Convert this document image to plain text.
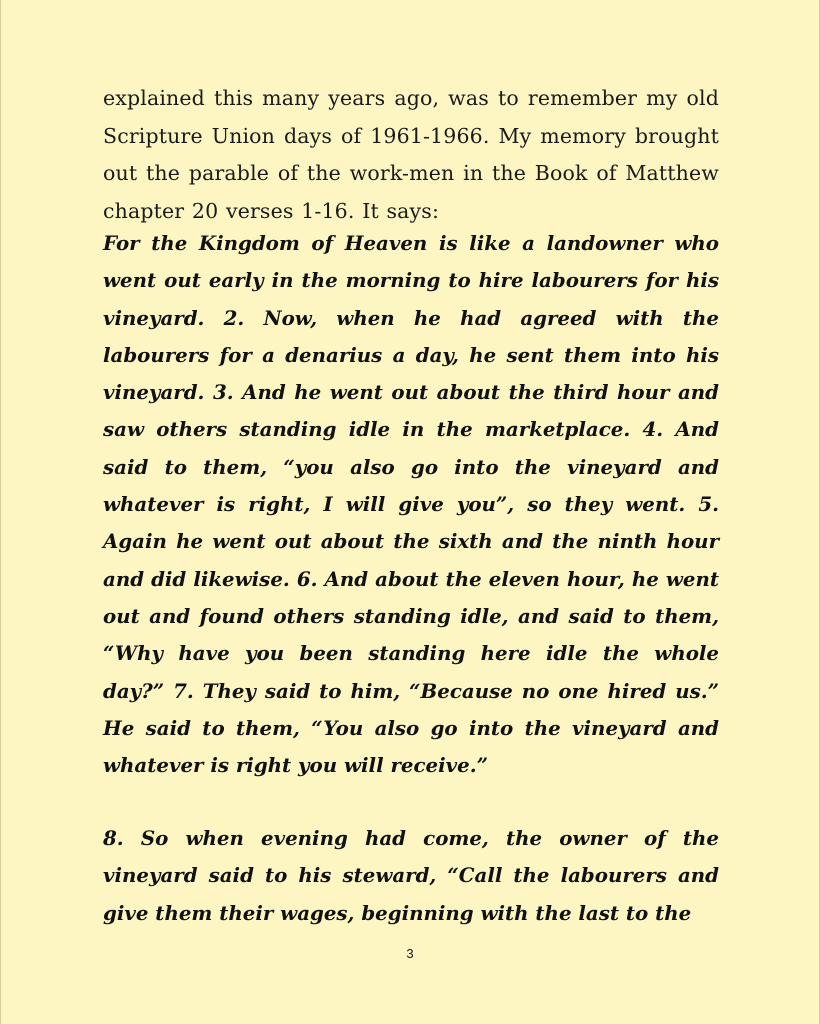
explained this many years ago, was to remember my old Scripture Union days of 1961-1966. My memory brought out the parable of the work-men in the Book of Matthew chapter 20 verses 1-16. It says:

For the Kingdom of Heaven is like a landowner who went out early in the morning to hire labourers for his vineyard. 2. Now, when he had agreed with the labourers for a denarius a day, he sent them into his vineyard. 3. And he went out about the third hour and saw others standing idle in the marketplace. 4. And said to them, “you also go into the vineyard and whatever is right, I will give you”, so they went. 5. Again he went out about the sixth and the ninth hour and did likewise. 6. And about the eleven hour, he went out and found others standing idle, and said to them, “Why have you been standing here idle the whole day?” 7. They said to him, “Because no one hired us.” He said to them, “You also go into the vineyard and whatever is right you will receive.”

8. So when evening had come, the owner of the vineyard said to his steward, “Call the labourers and give them their wages, beginning with the last to the

3
